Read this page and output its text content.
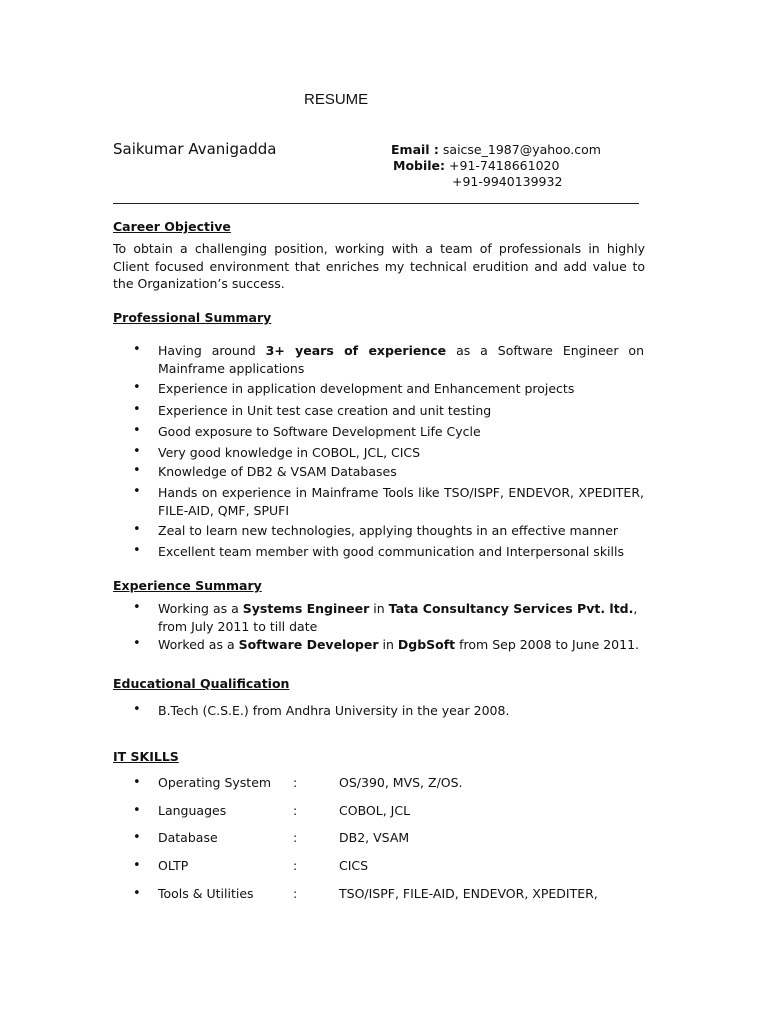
RESUME
Saikumar Avanigadda	Email : saicse_1987@yahoo.com
Mobile: +91-7418661020
+91-9940139932
Career Objective
To obtain a challenging position, working with a team of professionals in highly Client focused environment that enriches my technical erudition and add value to the Organization’s success.
Professional Summary
• Having around 3+ years of experience as a Software Engineer on Mainframe applications
• Experience in application development and Enhancement projects
• Experience in Unit test case creation and unit testing
• Good exposure to Software Development Life Cycle
• Very good knowledge in COBOL, JCL, CICS
• Knowledge of DB2 & VSAM Databases
• Hands on experience in Mainframe Tools like TSO/ISPF, ENDEVOR, XPEDITER, FILE-AID, QMF, SPUFI
• Zeal to learn new technologies, applying thoughts in an effective manner
• Excellent team member with good communication and Interpersonal skills
Experience Summary
• Working as a Systems Engineer in Tata Consultancy Services Pvt. ltd.,
from July 2011 to till date
• Worked as a Software Developer in DgbSoft from Sep 2008 to June 2011.
Educational Qualification
• B.Tech (C.S.E.) from Andhra University in the year 2008.
IT SKILLS
• Operating System :	OS/390, MVS, Z/OS.
• Languages	:	COBOL, JCL
• Database	:	DB2, VSAM
• OLTP	:	CICS
• Tools & Utilities	:	TSO/ISPF, FILE-AID, ENDEVOR, XPEDITER,
